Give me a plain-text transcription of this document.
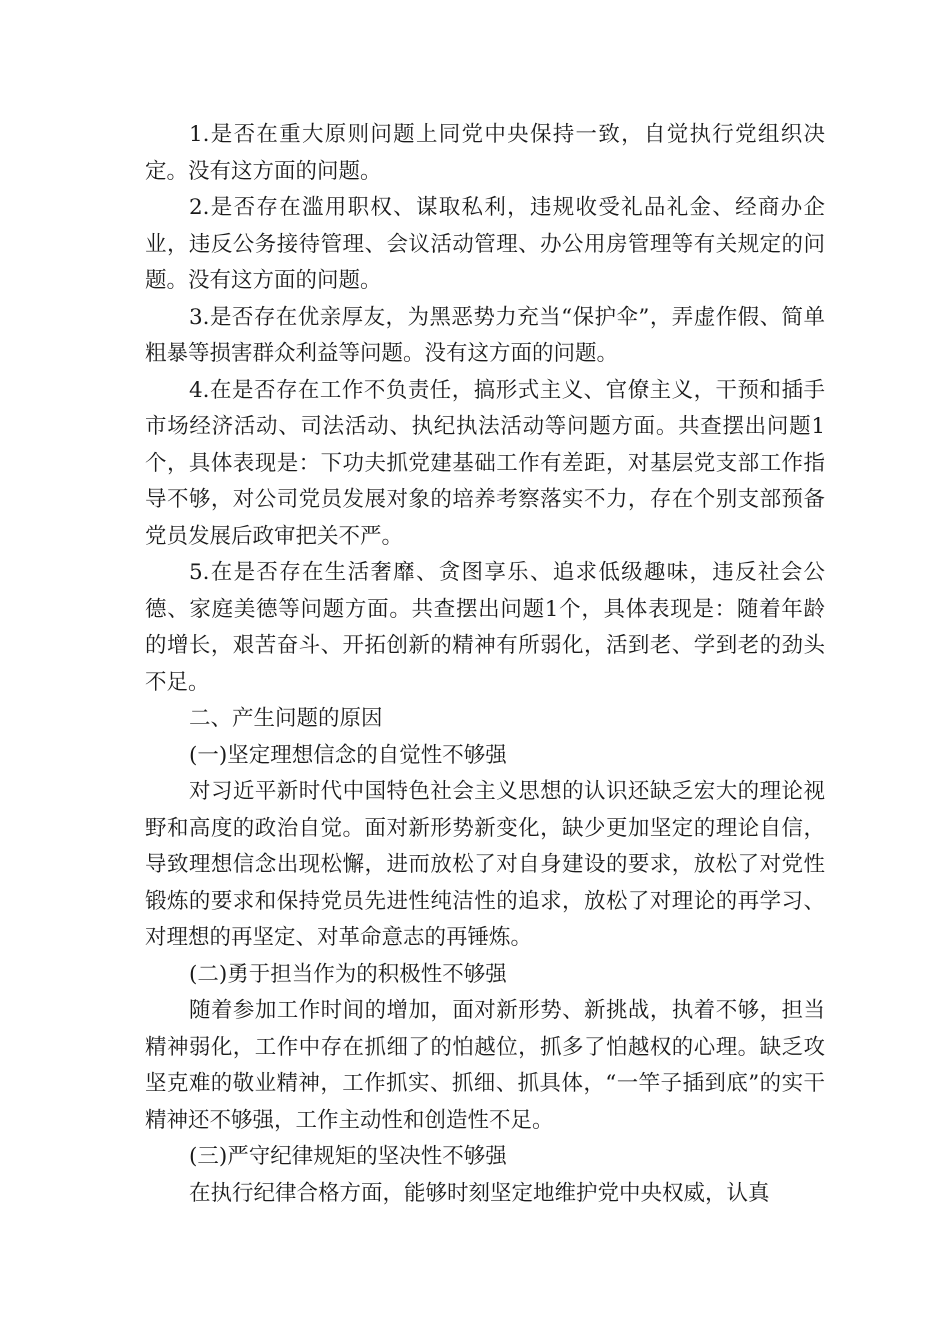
1.是否在重大原则问题上同党中央保持一致，自觉执行党组织决定。没有这方面的问题。

2.是否存在滥用职权、谋取私利，违规收受礼品礼金、经商办企业，违反公务接待管理、会议活动管理、办公用房管理等有关规定的问题。没有这方面的问题。

3.是否存在优亲厚友，为黑恶势力充当“保护伞”，弄虚作假、简单粗暴等损害群众利益等问题。没有这方面的问题。

4.在是否存在工作不负责任，搞形式主义、官僚主义，干预和插手市场经济活动、司法活动、执纪执法活动等问题方面。共查摆出问题1个，具体表现是：下功夫抓党建基础工作有差距，对基层党支部工作指导不够，对公司党员发展对象的培养考察落实不力，存在个别支部预备党员发展后政审把关不严。

5.在是否存在生活奢靡、贪图享乐、追求低级趣味，违反社会公德、家庭美德等问题方面。共查摆出问题1个，具体表现是：随着年龄的增长，艰苦奋斗、开拓创新的精神有所弱化，活到老、学到老的劲头不足。

二、产生问题的原因

(一)坚定理想信念的自觉性不够强

对习近平新时代中国特色社会主义思想的认识还缺乏宏大的理论视野和高度的政治自觉。面对新形势新变化，缺少更加坚定的理论自信，导致理想信念出现松懈，进而放松了对自身建设的要求，放松了对党性锻炼的要求和保持党员先进性纯洁性的追求，放松了对理论的再学习、对理想的再坚定、对革命意志的再锤炼。

(二)勇于担当作为的积极性不够强

随着参加工作时间的增加，面对新形势、新挑战，执着不够，担当精神弱化，工作中存在抓细了的怕越位，抓多了怕越权的心理。缺乏攻坚克难的敬业精神，工作抓实、抓细、抓具体，“一竿子插到底”的实干精神还不够强，工作主动性和创造性不足。

(三)严守纪律规矩的坚决性不够强

在执行纪律合格方面，能够时刻坚定地维护党中央权威，认真
